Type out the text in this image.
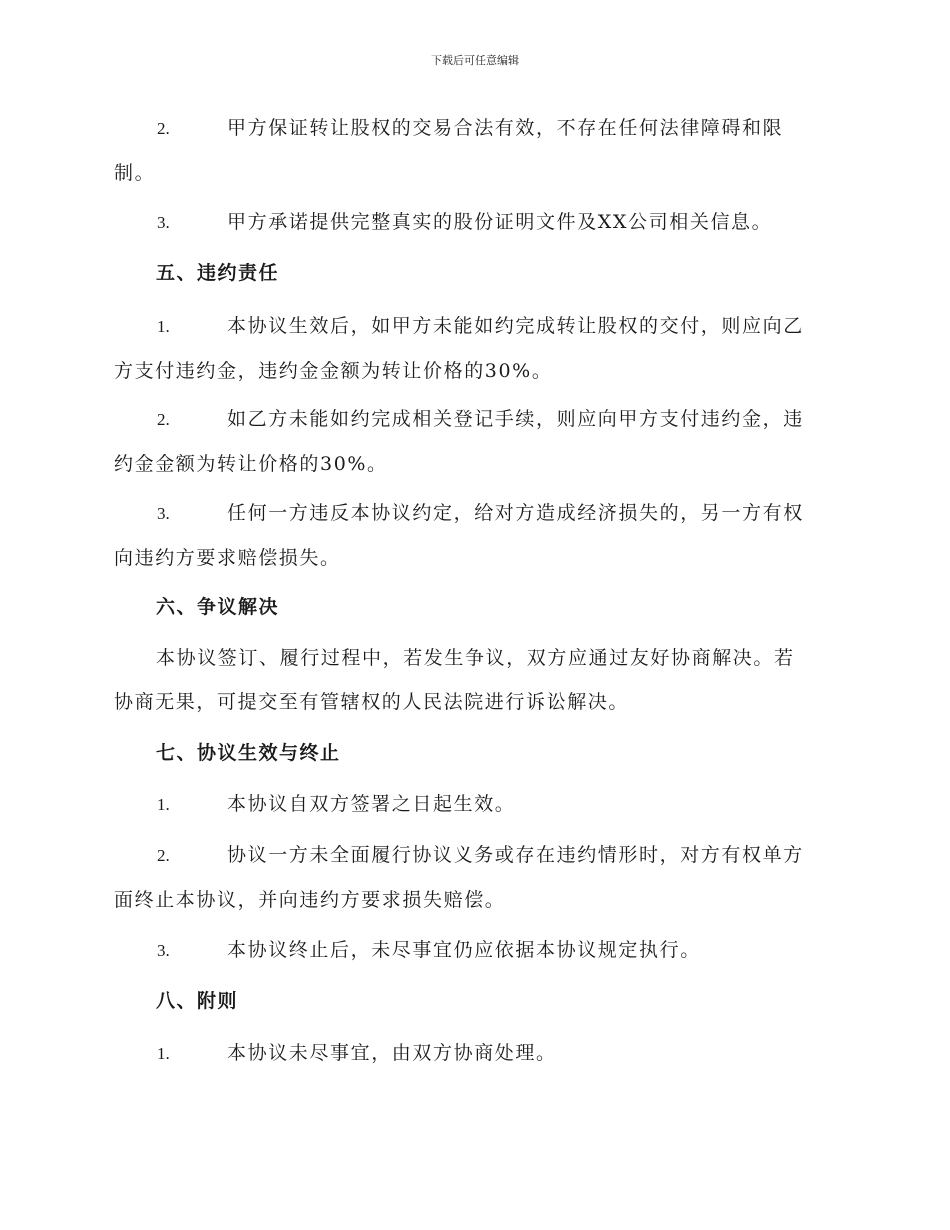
下载后可任意编辑
2.	甲方保证转让股权的交易合法有效，不存在任何法律障碍和限
制。
3.	甲方承诺提供完整真实的股份证明文件及XX公司相关信息。
五、违约责任
1.	本协议生效后，如甲方未能如约完成转让股权的交付，则应向乙
方支付违约金，违约金金额为转让价格的30%。
2.	如乙方未能如约完成相关登记手续，则应向甲方支付违约金，违
约金金额为转让价格的30%。
3.	任何一方违反本协议约定，给对方造成经济损失的，另一方有权
向违约方要求赔偿损失。
六、争议解决
本协议签订、履行过程中，若发生争议，双方应通过友好协商解决。若
协商无果，可提交至有管辖权的人民法院进行诉讼解决。
七、协议生效与终止
1.	本协议自双方签署之日起生效。
2.	协议一方未全面履行协议义务或存在违约情形时，对方有权单方
面终止本协议，并向违约方要求损失赔偿。
3.	本协议终止后，未尽事宜仍应依据本协议规定执行。
八、附则
1.	本协议未尽事宜，由双方协商处理。
